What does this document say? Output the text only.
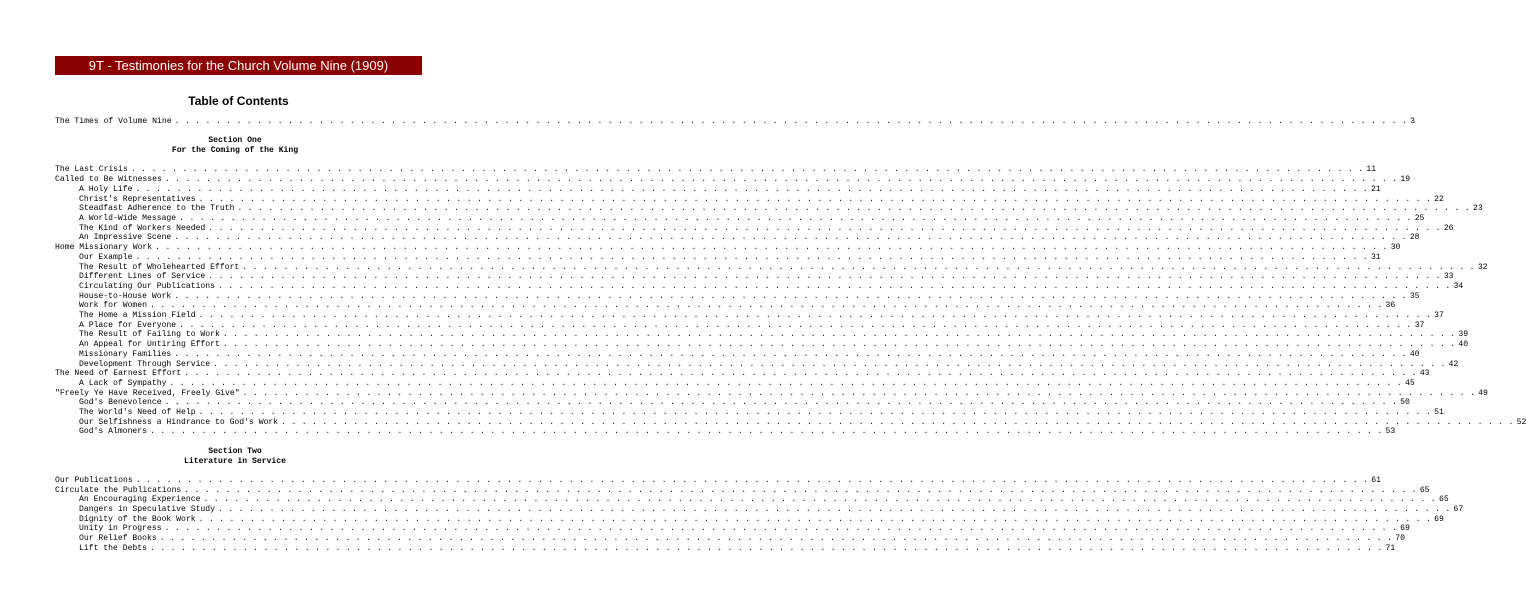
9T - Testimonies for the Church Volume Nine (1909)
Table of Contents
The Times of Volume Nine . . . . . . . . . . . . . . . . . . . . . . . . . . . . . . . . . . . . . . . . . . . . . . . . . . . . . . . . . . . . . . . . . . . . . . . . . . . . . . . . . . . . . . . . . . . . . . . . . . . . . . . . . . . . . . . . . . . . . . . . 3
Section One
For the Coming of the King
The Last Crisis . . . . . . . . . . . . . . . . . . . . . . . . . . . . . . . . . . . . . . . . . . . . . . . . . . . . . . . . . . . . . . . . . . . . . . . . . . . . . . . . . . . . . . . . . . . . . . . . . . . . . . . . . . . . . . . . . . . . . . . . 11
Called to Be Witnesses . . . . . . . . . . . . . . . . . . . . . . . . . . . . . . . . . . . . . . . . . . . . . . . . . . . . . . . . . . . . . . . . . . . . . . . . . . . . . . . . . . . . . . . . . . . . . . . . . . . . . . . . . . . . . . . . . . . . . . . . 19
A Holy Life . . . . . . . . . . . . . . . . . . . . . . . . . . . . . . . . . . . . . . . . . . . . . . . . . . . . . . . . . . . . . . . . . . . . . . . . . . . . . . . . . . . . . . . . . . . . . . . . . . . . . . . . . . . . . . . . . . . . . . . . 21
Christ's Representatives . . . . . . . . . . . . . . . . . . . . . . . . . . . . . . . . . . . . . . . . . . . . . . . . . . . . . . . . . . . . . . . . . . . . . . . . . . . . . . . . . . . . . . . . . . . . . . . . . . . . . . . . . . . . . . . . . . . . . . . . 22
Steadfast Adherence to the Truth . . . . . . . . . . . . . . . . . . . . . . . . . . . . . . . . . . . . . . . . . . . . . . . . . . . . . . . . . . . . . . . . . . . . . . . . . . . . . . . . . . . . . . . . . . . . . . . . . . . . . . . . . . . . . . . . . . . . . . . . 23
A World-Wide Message . . . . . . . . . . . . . . . . . . . . . . . . . . . . . . . . . . . . . . . . . . . . . . . . . . . . . . . . . . . . . . . . . . . . . . . . . . . . . . . . . . . . . . . . . . . . . . . . . . . . . . . . . . . . . . . . . . . . . . . . 25
The Kind of Workers Needed . . . . . . . . . . . . . . . . . . . . . . . . . . . . . . . . . . . . . . . . . . . . . . . . . . . . . . . . . . . . . . . . . . . . . . . . . . . . . . . . . . . . . . . . . . . . . . . . . . . . . . . . . . . . . . . . . . . . . . . . 26
An Impressive Scene . . . . . . . . . . . . . . . . . . . . . . . . . . . . . . . . . . . . . . . . . . . . . . . . . . . . . . . . . . . . . . . . . . . . . . . . . . . . . . . . . . . . . . . . . . . . . . . . . . . . . . . . . . . . . . . . . . . . . . . . 28
Home Missionary Work . . . . . . . . . . . . . . . . . . . . . . . . . . . . . . . . . . . . . . . . . . . . . . . . . . . . . . . . . . . . . . . . . . . . . . . . . . . . . . . . . . . . . . . . . . . . . . . . . . . . . . . . . . . . . . . . . . . . . . . . 30
Our Example . . . . . . . . . . . . . . . . . . . . . . . . . . . . . . . . . . . . . . . . . . . . . . . . . . . . . . . . . . . . . . . . . . . . . . . . . . . . . . . . . . . . . . . . . . . . . . . . . . . . . . . . . . . . . . . . . . . . . . . . 31
The Result of Wholehearted Effort . . . . . . . . . . . . . . . . . . . . . . . . . . . . . . . . . . . . . . . . . . . . . . . . . . . . . . . . . . . . . . . . . . . . . . . . . . . . . . . . . . . . . . . . . . . . . . . . . . . . . . . . . . . . . . . . . . . . . . . . 32
Different Lines of Service . . . . . . . . . . . . . . . . . . . . . . . . . . . . . . . . . . . . . . . . . . . . . . . . . . . . . . . . . . . . . . . . . . . . . . . . . . . . . . . . . . . . . . . . . . . . . . . . . . . . . . . . . . . . . . . . . . . . . . . . 33
Circulating Our Publications . . . . . . . . . . . . . . . . . . . . . . . . . . . . . . . . . . . . . . . . . . . . . . . . . . . . . . . . . . . . . . . . . . . . . . . . . . . . . . . . . . . . . . . . . . . . . . . . . . . . . . . . . . . . . . . . . . . . . . . . 34
House-to-House Work . . . . . . . . . . . . . . . . . . . . . . . . . . . . . . . . . . . . . . . . . . . . . . . . . . . . . . . . . . . . . . . . . . . . . . . . . . . . . . . . . . . . . . . . . . . . . . . . . . . . . . . . . . . . . . . . . . . . . . . . 35
Work for Women . . . . . . . . . . . . . . . . . . . . . . . . . . . . . . . . . . . . . . . . . . . . . . . . . . . . . . . . . . . . . . . . . . . . . . . . . . . . . . . . . . . . . . . . . . . . . . . . . . . . . . . . . . . . . . . . . . . . . . . . 36
The Home a Mission Field . . . . . . . . . . . . . . . . . . . . . . . . . . . . . . . . . . . . . . . . . . . . . . . . . . . . . . . . . . . . . . . . . . . . . . . . . . . . . . . . . . . . . . . . . . . . . . . . . . . . . . . . . . . . . . . . . . . . . . . . 37
A Place for Everyone . . . . . . . . . . . . . . . . . . . . . . . . . . . . . . . . . . . . . . . . . . . . . . . . . . . . . . . . . . . . . . . . . . . . . . . . . . . . . . . . . . . . . . . . . . . . . . . . . . . . . . . . . . . . . . . . . . . . . . . . 37
The Result of Failing to Work . . . . . . . . . . . . . . . . . . . . . . . . . . . . . . . . . . . . . . . . . . . . . . . . . . . . . . . . . . . . . . . . . . . . . . . . . . . . . . . . . . . . . . . . . . . . . . . . . . . . . . . . . . . . . . . . . . . . . . . . 39
An Appeal for Untiring Effort . . . . . . . . . . . . . . . . . . . . . . . . . . . . . . . . . . . . . . . . . . . . . . . . . . . . . . . . . . . . . . . . . . . . . . . . . . . . . . . . . . . . . . . . . . . . . . . . . . . . . . . . . . . . . . . . . . . . . . . . 40
Missionary Families . . . . . . . . . . . . . . . . . . . . . . . . . . . . . . . . . . . . . . . . . . . . . . . . . . . . . . . . . . . . . . . . . . . . . . . . . . . . . . . . . . . . . . . . . . . . . . . . . . . . . . . . . . . . . . . . . . . . . . . . 40
Development Through Service . . . . . . . . . . . . . . . . . . . . . . . . . . . . . . . . . . . . . . . . . . . . . . . . . . . . . . . . . . . . . . . . . . . . . . . . . . . . . . . . . . . . . . . . . . . . . . . . . . . . . . . . . . . . . . . . . . . . . . . . 42
The Need of Earnest Effort . . . . . . . . . . . . . . . . . . . . . . . . . . . . . . . . . . . . . . . . . . . . . . . . . . . . . . . . . . . . . . . . . . . . . . . . . . . . . . . . . . . . . . . . . . . . . . . . . . . . . . . . . . . . . . . . . . . . . . . . 43
A Lack of Sympathy . . . . . . . . . . . . . . . . . . . . . . . . . . . . . . . . . . . . . . . . . . . . . . . . . . . . . . . . . . . . . . . . . . . . . . . . . . . . . . . . . . . . . . . . . . . . . . . . . . . . . . . . . . . . . . . . . . . . . . . . 45
"Freely Ye Have Received, Freely Give" . . . . . . . . . . . . . . . . . . . . . . . . . . . . . . . . . . . . . . . . . . . . . . . . . . . . . . . . . . . . . . . . . . . . . . . . . . . . . . . . . . . . . . . . . . . . . . . . . . . . . . . . . . . . . . . . . . . . . . . . 49
God's Benevolence . . . . . . . . . . . . . . . . . . . . . . . . . . . . . . . . . . . . . . . . . . . . . . . . . . . . . . . . . . . . . . . . . . . . . . . . . . . . . . . . . . . . . . . . . . . . . . . . . . . . . . . . . . . . . . . . . . . . . . . . 50
The World's Need of Help . . . . . . . . . . . . . . . . . . . . . . . . . . . . . . . . . . . . . . . . . . . . . . . . . . . . . . . . . . . . . . . . . . . . . . . . . . . . . . . . . . . . . . . . . . . . . . . . . . . . . . . . . . . . . . . . . . . . . . . . 51
Our Selfishness a Hindrance to God's Work . . . . . . . . . . . . . . . . . . . . . . . . . . . . . . . . . . . . . . . . . . . . . . . . . . . . . . . . . . . . . . . . . . . . . . . . . . . . . . . . . . . . . . . . . . . . . . . . . . . . . . . . . . . . . . . . . . . . . . . . 52
God's Almoners . . . . . . . . . . . . . . . . . . . . . . . . . . . . . . . . . . . . . . . . . . . . . . . . . . . . . . . . . . . . . . . . . . . . . . . . . . . . . . . . . . . . . . . . . . . . . . . . . . . . . . . . . . . . . . . . . . . . . . . . 53
Section Two
Literature in Service
Our Publications . . . . . . . . . . . . . . . . . . . . . . . . . . . . . . . . . . . . . . . . . . . . . . . . . . . . . . . . . . . . . . . . . . . . . . . . . . . . . . . . . . . . . . . . . . . . . . . . . . . . . . . . . . . . . . . . . . . . . . . . 61
Circulate the Publications . . . . . . . . . . . . . . . . . . . . . . . . . . . . . . . . . . . . . . . . . . . . . . . . . . . . . . . . . . . . . . . . . . . . . . . . . . . . . . . . . . . . . . . . . . . . . . . . . . . . . . . . . . . . . . . . . . . . . . . . 65
An Encouraging Experience . . . . . . . . . . . . . . . . . . . . . . . . . . . . . . . . . . . . . . . . . . . . . . . . . . . . . . . . . . . . . . . . . . . . . . . . . . . . . . . . . . . . . . . . . . . . . . . . . . . . . . . . . . . . . . . . . . . . . . . . 65
Dangers in Speculative Study . . . . . . . . . . . . . . . . . . . . . . . . . . . . . . . . . . . . . . . . . . . . . . . . . . . . . . . . . . . . . . . . . . . . . . . . . . . . . . . . . . . . . . . . . . . . . . . . . . . . . . . . . . . . . . . . . . . . . . . . 67
Dignity of the Book Work . . . . . . . . . . . . . . . . . . . . . . . . . . . . . . . . . . . . . . . . . . . . . . . . . . . . . . . . . . . . . . . . . . . . . . . . . . . . . . . . . . . . . . . . . . . . . . . . . . . . . . . . . . . . . . . . . . . . . . . . 69
Unity in Progress . . . . . . . . . . . . . . . . . . . . . . . . . . . . . . . . . . . . . . . . . . . . . . . . . . . . . . . . . . . . . . . . . . . . . . . . . . . . . . . . . . . . . . . . . . . . . . . . . . . . . . . . . . . . . . . . . . . . . . . . 69
Our Relief Books . . . . . . . . . . . . . . . . . . . . . . . . . . . . . . . . . . . . . . . . . . . . . . . . . . . . . . . . . . . . . . . . . . . . . . . . . . . . . . . . . . . . . . . . . . . . . . . . . . . . . . . . . . . . . . . . . . . . . . . . 70
Lift the Debts . . . . . . . . . . . . . . . . . . . . . . . . . . . . . . . . . . . . . . . . . . . . . . . . . . . . . . . . . . . . . . . . . . . . . . . . . . . . . . . . . . . . . . . . . . . . . . . . . . . . . . . . . . . . . . . . . . . . . . . . 71
